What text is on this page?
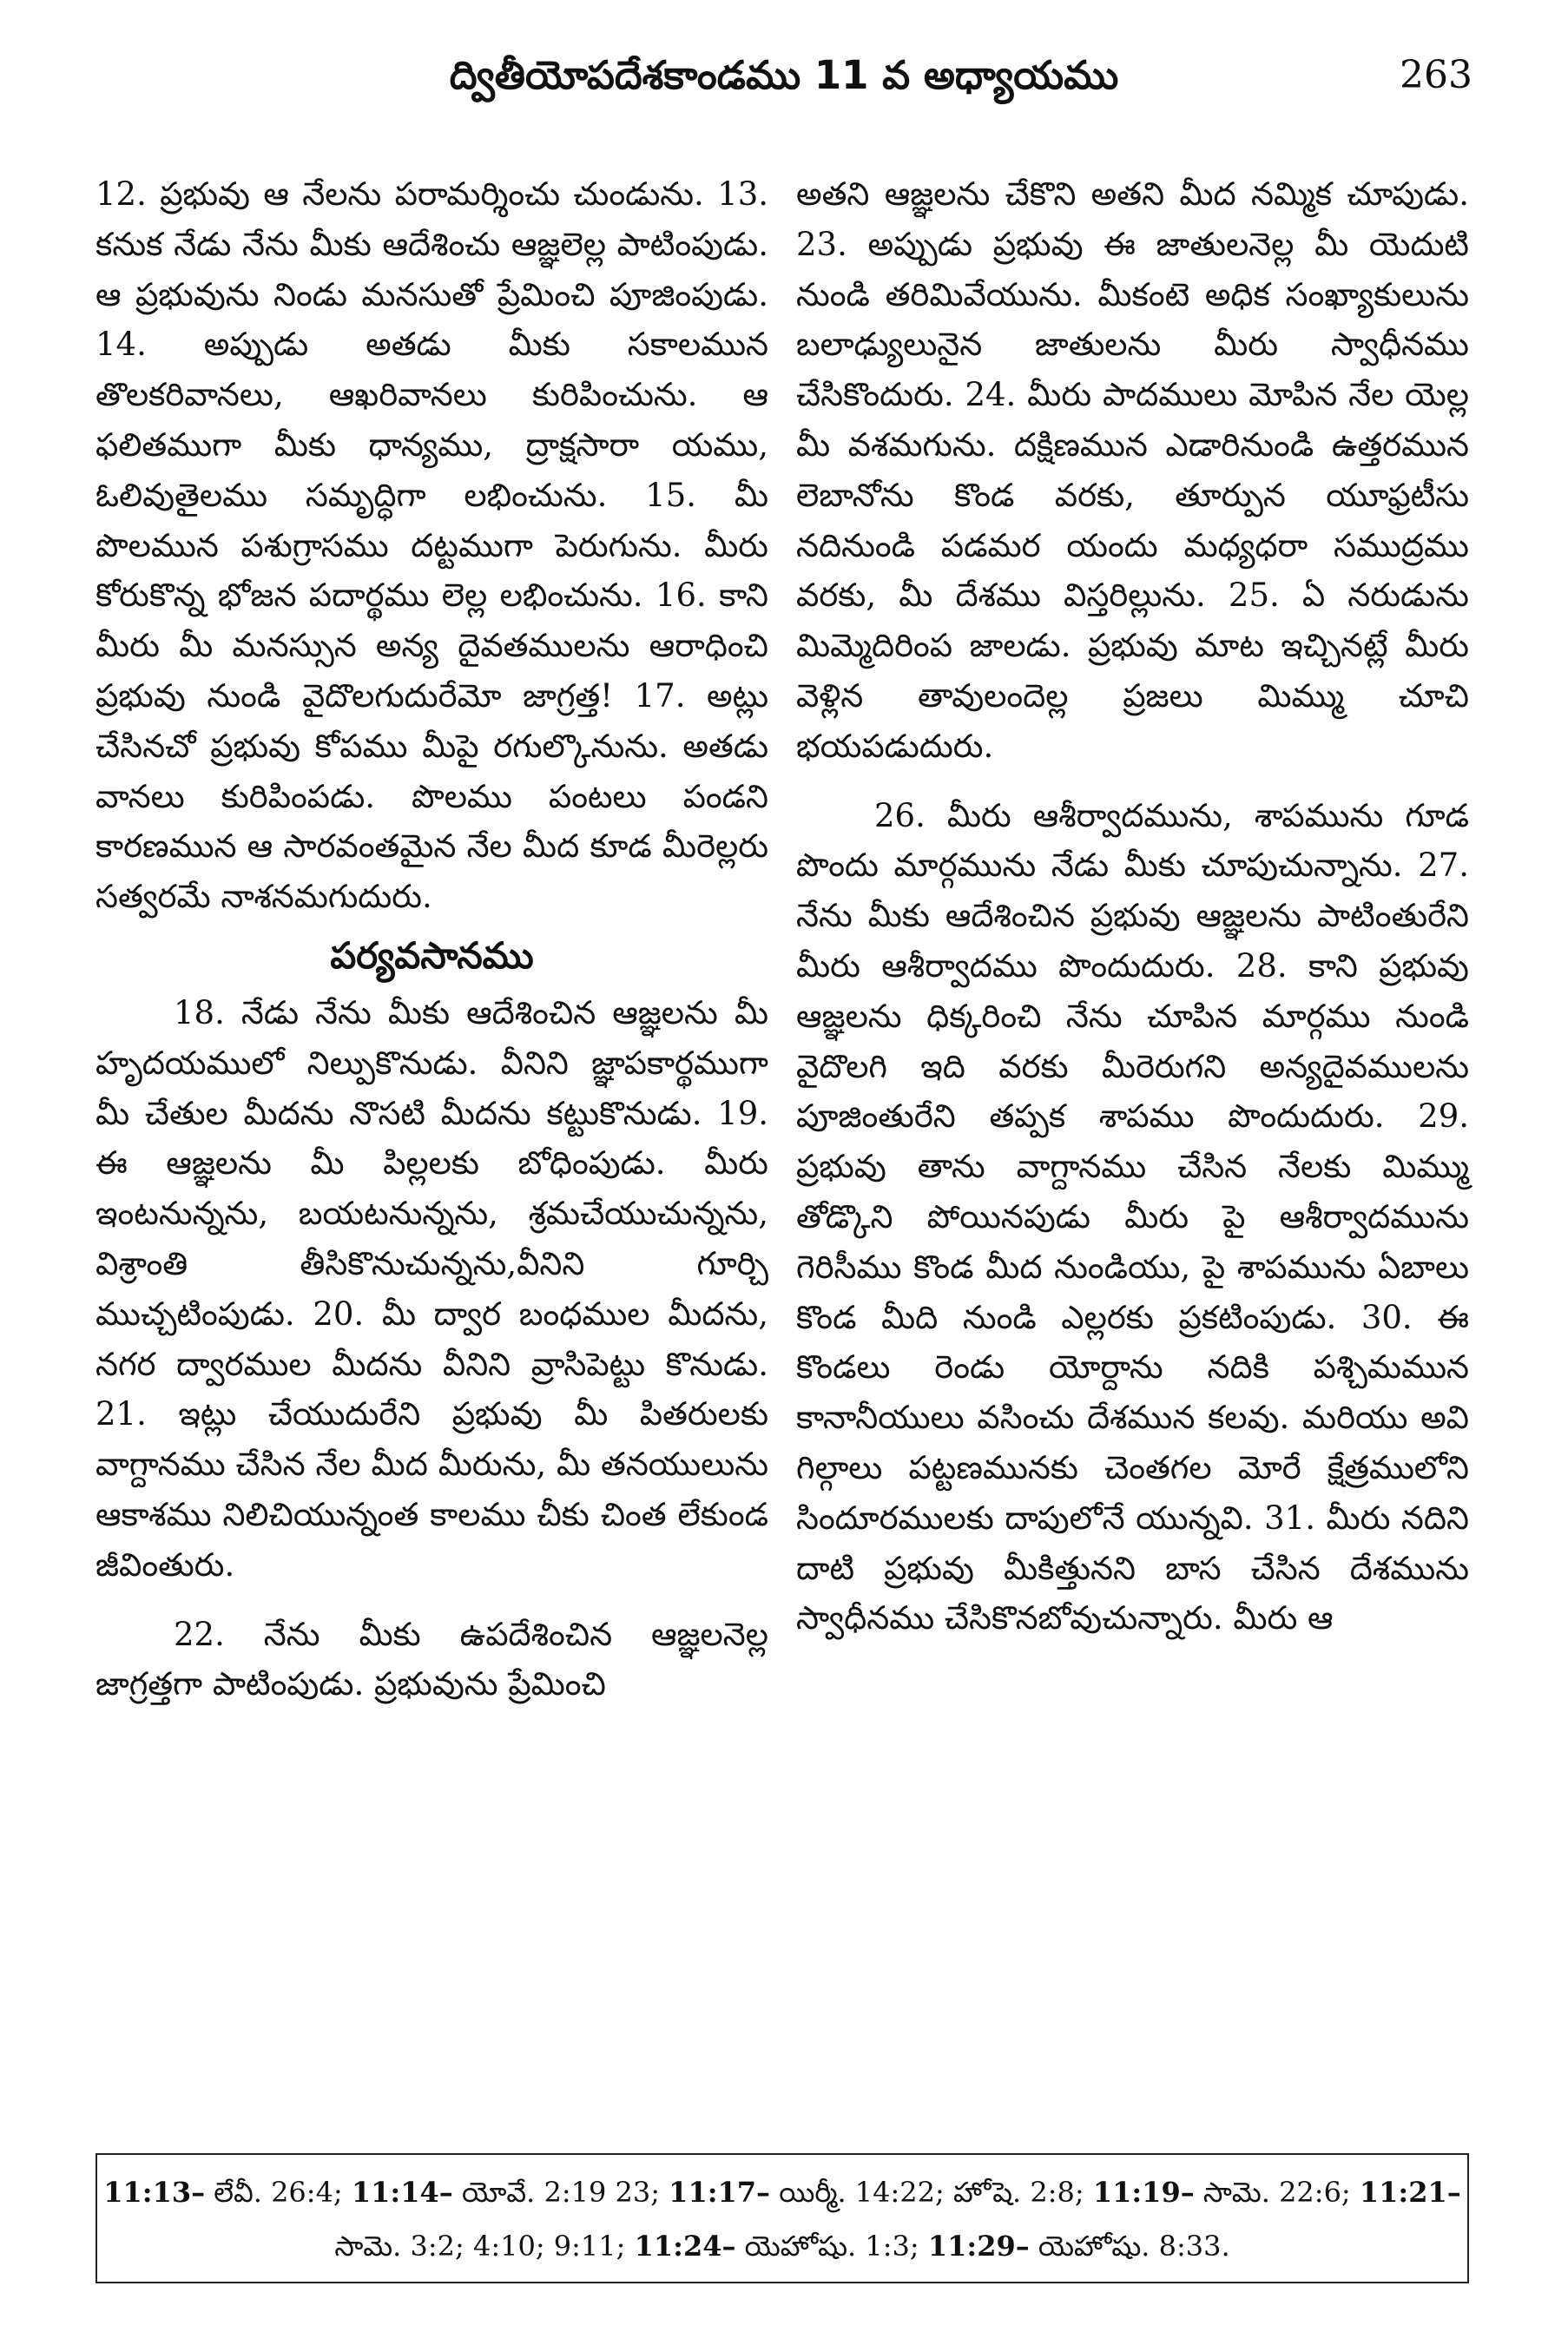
ద్వితీయోపదేశకాండము 11 వ అధ్యాయము	263

12. ప్రభువు ఆ నేలను పరామర్శించు చుండును. 13. కనుక నేడు నేను మీకు ఆదేశించు ఆజ్ఞలెల్ల పాటింపుడు. ఆ ప్రభువును నిండు మనసుతో ప్రేమించి పూజింపుడు. 14. అప్పుడు అతడు మీకు సకాలమున తొలకరివానలు, ఆఖరివానలు కురిపించును. ఆ ఫలితముగా మీకు ధాన్యము, ద్రాక్షసారా యము, ఓలివుతైలము సమృద్ధిగా లభించును. 15. మీ పొలమున పశుగ్రాసము దట్టముగా పెరుగును. మీరు కోరుకొన్న భోజన పదార్థము లెల్ల లభించును. 16. కాని మీరు మీ మనస్సున అన్య దైవతములను ఆరాధించి ప్రభువు నుండి వైదొలగుదురేమో జాగ్రత్త! 17. అట్లు చేసినచో ప్రభువు కోపము మీపై రగుల్కొనును. అతడు వానలు కురిపింపడు. పొలము పంటలు పండని కారణమున ఆ సారవంతమైన నేల మీద కూడ మీరెల్లరు సత్వరమే నాశనమగుదురు.

పర్యవసానము

18. నేడు నేను మీకు ఆదేశించిన ఆజ్ఞలను మీ హృదయములో నిల్పుకొనుడు. వీనిని జ్ఞాపకార్థముగా మీ చేతుల మీదను నొసటి మీదను కట్టుకొనుడు. 19. ఈ ఆజ్ఞలను మీ పిల్లలకు బోధింపుడు. మీరు ఇంటనున్నను, బయటనున్నను, శ్రమచేయుచున్నను, విశ్రాంతి తీసికొనుచున్నను,వీనిని గూర్చి ముచ్చటింపుడు. 20. మీ ద్వార బంధముల మీదను, నగర ద్వారముల మీదను వీనిని వ్రాసిపెట్టు కొనుడు. 21. ఇట్లు చేయుదురేని ప్రభువు మీ పితరులకు వాగ్దానము చేసిన నేల మీద మీరును, మీ తనయులును ఆకాశము నిలిచియున్నంత కాలము చీకు చింత లేకుండ జీవింతురు.

22. నేను మీకు ఉపదేశించిన ఆజ్ఞలనెల్ల జాగ్రత్తగా పాటింపుడు. ప్రభువును ప్రేమించి

అతని ఆజ్ఞలను చేకొని అతని మీద నమ్మిక చూపుడు. 23. అప్పుడు ప్రభువు ఈ జాతులనెల్ల మీ యెదుటి నుండి తరిమివేయును. మీకంటె అధిక సంఖ్యాకులును బలాఢ్యులునైన జాతులను మీరు స్వాధీనము చేసికొందురు. 24. మీరు పాదములు మోపిన నేల యెల్ల మీ వశమగును. దక్షిణమున ఎడారినుండి ఉత్తరమున లెబానోను కొండ వరకు, తూర్పున యూఫ్రటీసు నదినుండి పడమర యందు మధ్యధరా సముద్రము వరకు, మీ దేశము విస్తరిల్లును. 25. ఏ నరుడును మిమ్మెదిరింప జాలడు. ప్రభువు మాట ఇచ్చినట్లే మీరు వెళ్లిన తావులందెల్ల ప్రజలు మిమ్ము చూచి భయపడుదురు.

26. మీరు ఆశీర్వాదమును, శాపమును గూడ పొందు మార్గమును నేడు మీకు చూపుచున్నాను. 27. నేను మీకు ఆదేశించిన ప్రభువు ఆజ్ఞలను పాటింతురేని మీరు ఆశీర్వాదము పొందుదురు. 28. కాని ప్రభువు ఆజ్ఞలను ధిక్కరించి నేను చూపిన మార్గము నుండి వైదొలగి ఇది వరకు మీరెరుగని అన్యదైవములను పూజింతురేని తప్పక శాపము పొందుదురు. 29. ప్రభువు తాను వాగ్దానము చేసిన నేలకు మిమ్ము తోడ్కొని పోయినపుడు మీరు పై ఆశీర్వాదమును గెరిసీము కొండ మీద నుండియు, పై శాపమును ఏబాలు కొండ మీది నుండి ఎల్లరకు ప్రకటింపుడు. 30. ఈ కొండలు రెండు యోర్దాను నదికి పశ్చిమమున కానానీయులు వసించు దేశమున కలవు. మరియు అవి గిల్గాలు పట్టణమునకు చెంతగల మోరే క్షేత్రములోని సిందూరములకు దాపులోనే యున్నవి. 31. మీరు నదిని దాటి ప్రభువు మీకిత్తునని బాస చేసిన దేశమును స్వాధీనము చేసికొనబోవుచున్నారు. మీరు ఆ

11:13– లేవీ. 26:4; 11:14– యోవే. 2:19 23; 11:17– యిర్మీ. 14:22; హోషె. 2:8; 11:19– సామె. 22:6; 11:21– సామె. 3:2; 4:10; 9:11; 11:24– యెహోషు. 1:3; 11:29– యెహోషు. 8:33.
